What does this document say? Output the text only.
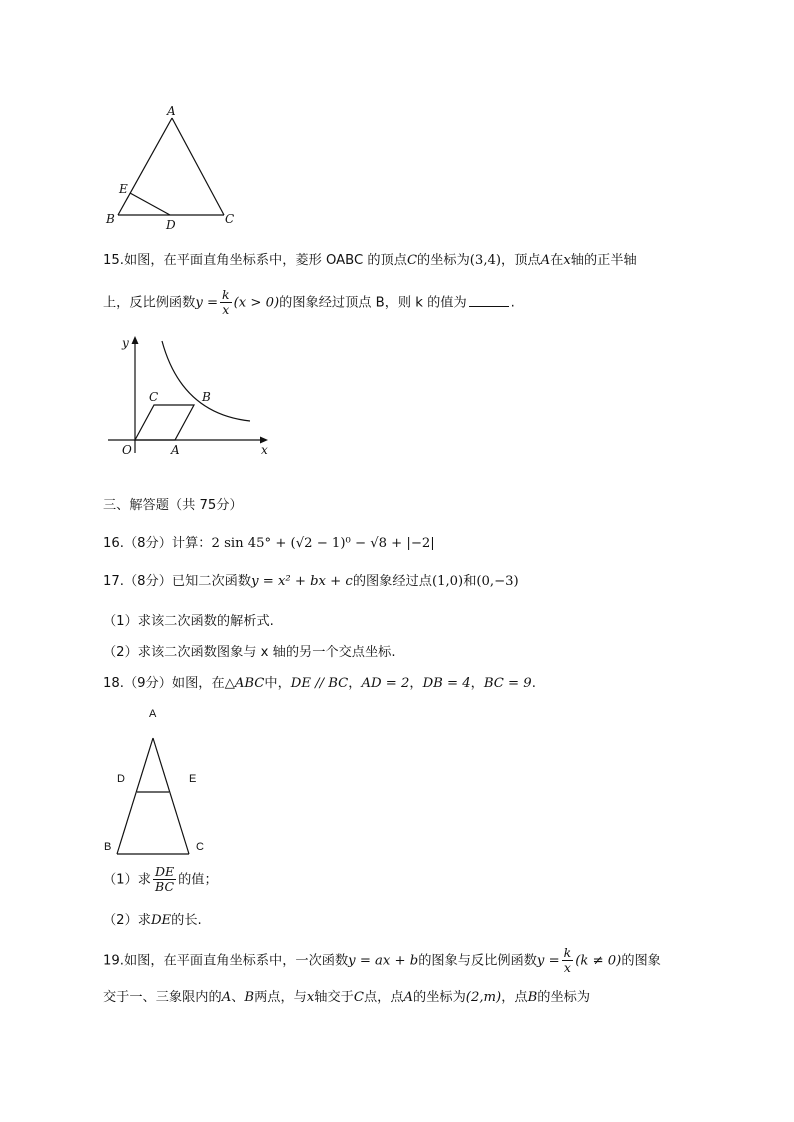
A
E
B	D	C
15.如图，在平面直角坐标系中，菱形 OABC 的顶点C的坐标为(3,4)，顶点A在x轴的正半轴
上，反比例函数$y = \frac{k}{x} (x > 0)$的图象经过顶点 B，则 k 的值为	.
y
x
O	A
C	B
三、解答题（共 75分）
16.（8分）计算：2 sin 45° + (√2 − 1)⁰ − √8 + |−2|
17.（8分）已知二次函数y = x² + bx + c的图象经过点(1,0)和(0,−3)
（1）求该二次函数的解析式.
（2）求该二次函数图象与 x 轴的另一个交点坐标.
18.（9分）如图，在△ABC中，DE // BC，AD = 2，DB = 4，BC = 9.
A
D	E
B	C
（1）求 $\frac{DE}{BC}$ 的值；
（2）求DE的长.
19.如图，在平面直角坐标系中，一次函数y = ax + b的图象与反比例函数$y = \frac{k}{x} (k \ne 0)$的图象
交于一、三象限内的A、B两点，与x轴交于C点，点A的坐标为(2,m)，点B的坐标为
